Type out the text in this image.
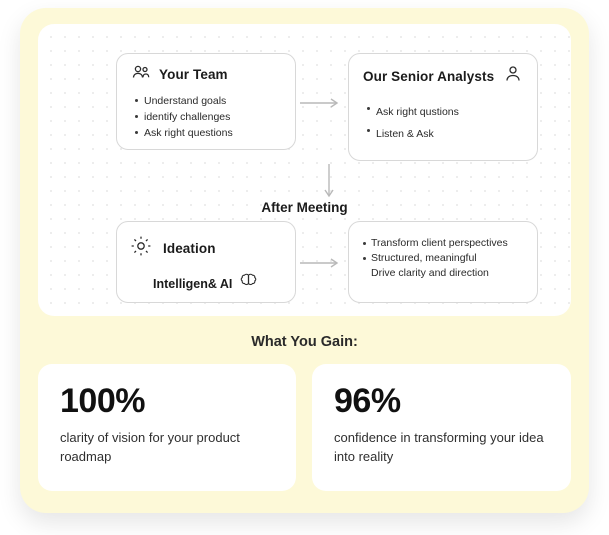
Your Team
Understand goals
identify challenges
Ask right questions
Our Senior Analysts
Ask right qustions
Listen & Ask
After Meeting
Ideation
Intelligen& AI
Transform client perspectives
Structured, meaningful
Drive clarity and direction
What You Gain:
100%
clarity of vision for your product roadmap
96%
confidence in transforming your idea into reality
